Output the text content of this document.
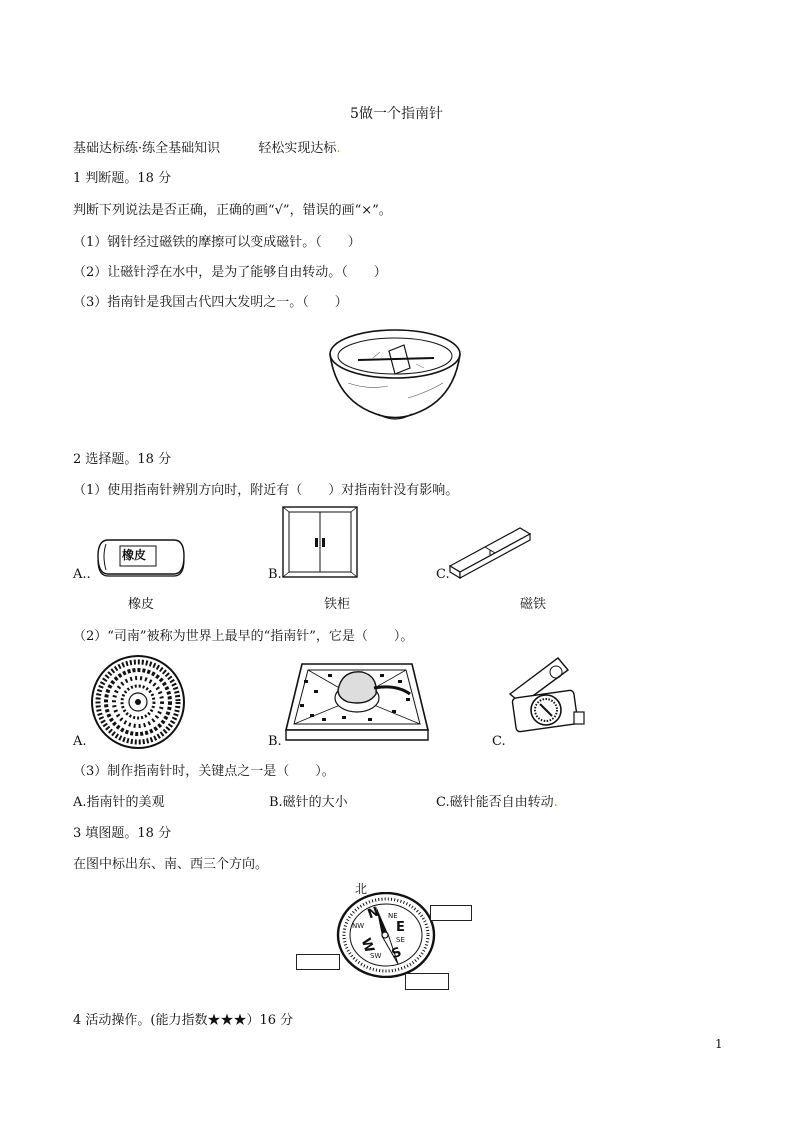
5做一个指南针
基础达标练·练全基础知识	轻松实现达标.
1 判断题。18 分
判断下列说法是否正确，正确的画“√”，错误的画“×”。
（1）钢针经过磁铁的摩擦可以变成磁针。（　　）
（2）让磁针浮在水中，是为了能够自由转动。（　　）
（3）指南针是我国古代四大发明之一。（　　）
2 选择题。18 分
（1）使用指南针辨别方向时，附近有（　　）对指南针没有影响。
A..
橡皮
橡皮
B.
铁柜
C.
磁铁
（2）“司南”被称为世界上最早的“指南针”，它是（　　）。
A.	B.	C.
（3）制作指南针时，关键点之一是（　　）。
A.指南针的美观	B.磁针的大小	C.磁针能否自由转动.
3 填图题。18 分
在图中标出东、南、西三个方向。
北
N
E
S
W
NE
NW
SE
SW
4 活动操作。(能力指数★★★）16 分
1
